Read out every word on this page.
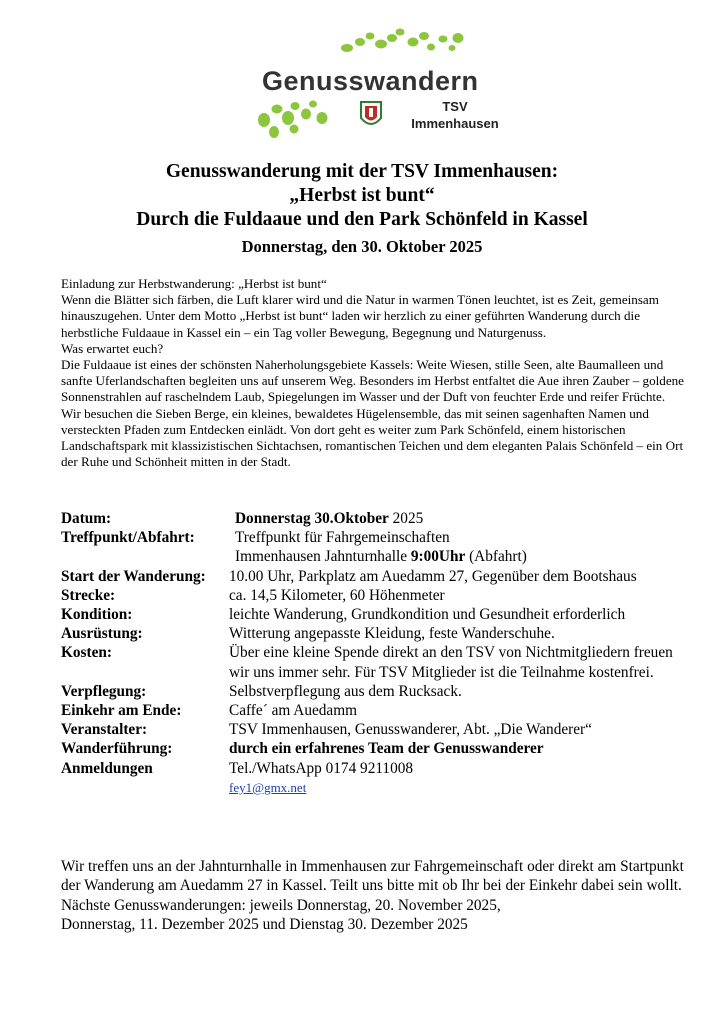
Genusswandern
TSV
Immenhausen
Genusswanderung mit der TSV Immenhausen:
„Herbst ist bunt“
Durch die Fuldaaue und den Park Schönfeld in Kassel
Donnerstag, den 30. Oktober 2025

Einladung zur Herbstwanderung: „Herbst ist bunt“

Wenn die Blätter sich färben, die Luft klarer wird und die Natur in warmen Tönen leuchtet, ist es Zeit, gemeinsam hinauszugehen. Unter dem Motto „Herbst ist bunt“ laden wir herzlich zu einer geführten Wanderung durch die herbstliche Fuldaaue in Kassel ein – ein Tag voller Bewegung, Begegnung und Naturgenuss.

Was erwartet euch?

Die Fuldaaue ist eines der schönsten Naherholungsgebiete Kassels: Weite Wiesen, stille Seen, alte Baumalleen und sanfte Uferlandschaften begleiten uns auf unserem Weg. Besonders im Herbst entfaltet die Aue ihren Zauber – goldene Sonnenstrahlen auf raschelndem Laub, Spiegelungen im Wasser und der Duft von feuchter Erde und reifer Früchte.

Wir besuchen die Sieben Berge, ein kleines, bewaldetes Hügelensemble, das mit seinen sagenhaften Namen und versteckten Pfaden zum Entdecken einlädt. Von dort geht es weiter zum Park Schönfeld, einem historischen Landschaftspark mit klassizistischen Sichtachsen, romantischen Teichen und dem eleganten Palais Schönfeld – ein Ort der Ruhe und Schönheit mitten in der Stadt.

Datum:	Donnerstag 30.Oktober 2025
Treffpunkt/Abfahrt:	Treffpunkt für Fahrgemeinschaften
Immenhausen Jahnturnhalle 9:00Uhr (Abfahrt)
Start der Wanderung:	10.00 Uhr, Parkplatz am Auedamm 27, Gegenüber dem Bootshaus
Strecke:	ca. 14,5 Kilometer, 60 Höhenmeter
Kondition:	leichte Wanderung, Grundkondition und Gesundheit erforderlich
Ausrüstung:	Witterung angepasste Kleidung, feste Wanderschuhe.
Kosten:	Über eine kleine Spende direkt an den TSV von Nichtmitgliedern freuen wir uns immer sehr. Für TSV Mitglieder ist die Teilnahme kostenfrei.
Verpflegung:	Selbstverpflegung aus dem Rucksack.
Einkehr am Ende:	Caffe´ am Auedamm
Veranstalter:	TSV Immenhausen, Genusswanderer, Abt. „Die Wanderer“
Wanderführung:	durch ein erfahrenes Team der Genusswanderer
Anmeldungen	Tel./WhatsApp 0174 9211008
fey1@gmx.net

Wir treffen uns an der Jahnturnhalle in Immenhausen zur Fahrgemeinschaft oder direkt am Startpunkt der Wanderung am Auedamm 27 in Kassel. Teilt uns bitte mit ob Ihr bei der Einkehr dabei sein wollt.

Nächste Genusswanderungen: jeweils Donnerstag, 20. November 2025,

Donnerstag, 11. Dezember 2025 und Dienstag 30. Dezember 2025
